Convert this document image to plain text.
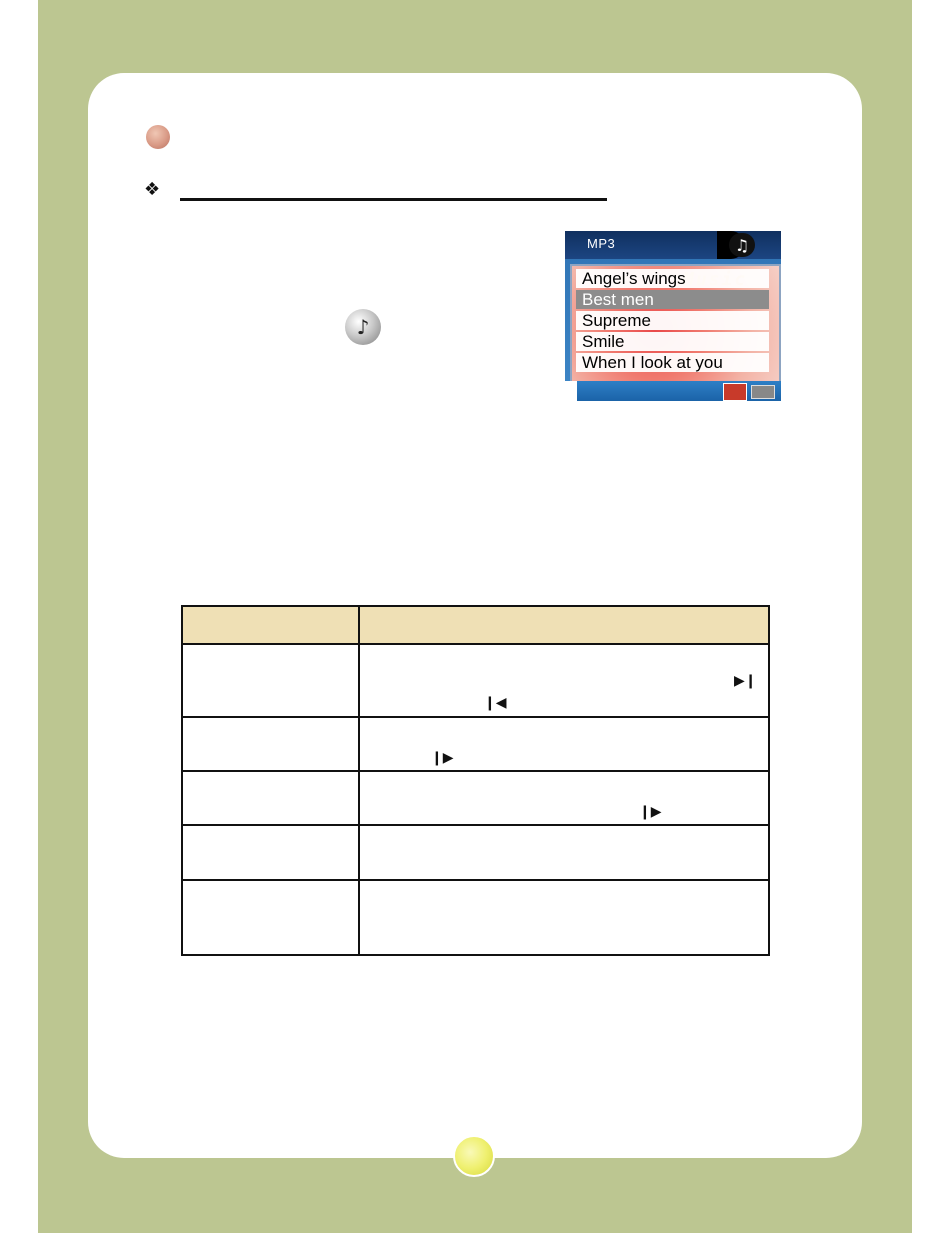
❖
♪
MP3	♫
Angel’s wings
Best men
Supreme
Smile
When I look at you
▶❙
❙◀
❙▶
❙▶
